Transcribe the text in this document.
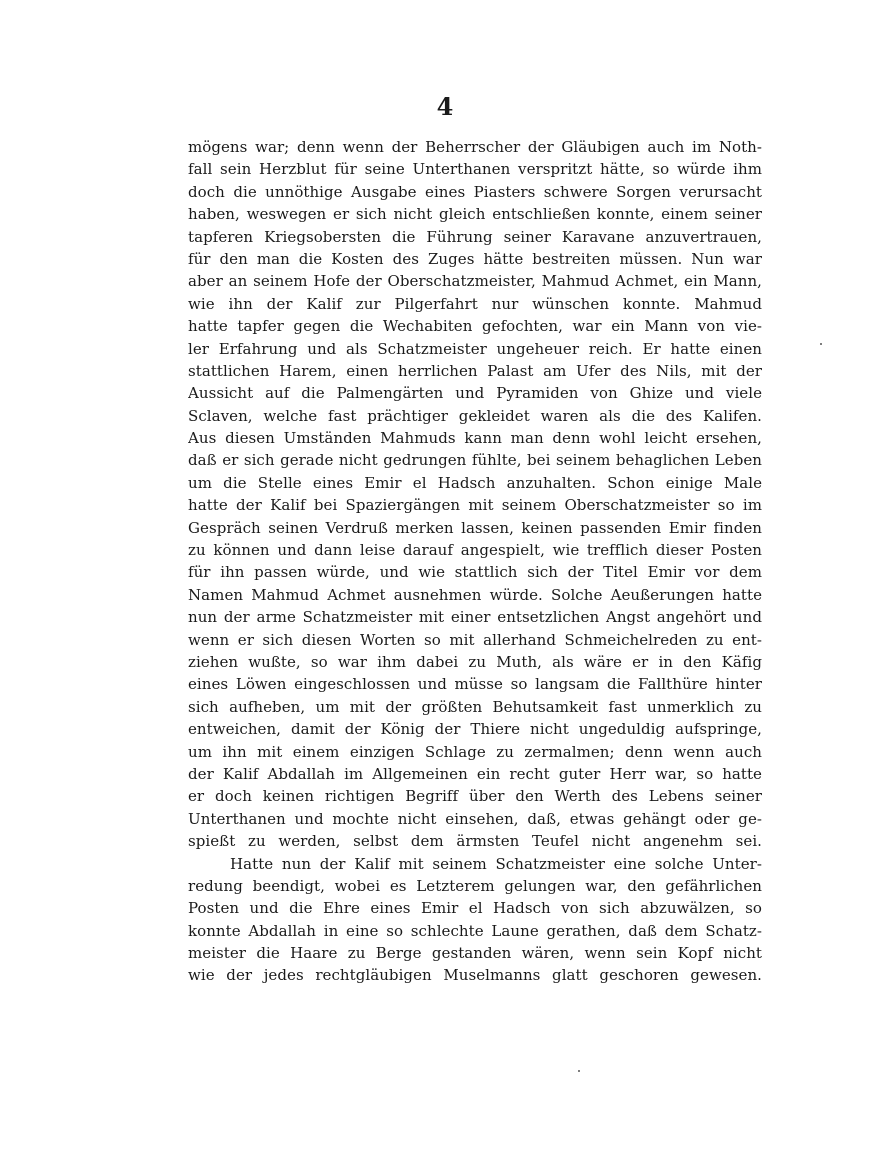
4
mögens war; denn wenn der Beherrscher der Gläubigen auch im Noth-
fall sein Herzblut für seine Unterthanen verspritzt hätte, so würde ihm
doch die unnöthige Ausgabe eines Piasters schwere Sorgen verursacht
haben, weswegen er sich nicht gleich entschließen konnte, einem seiner
tapferen Kriegsobersten die Führung seiner Karavane anzuvertrauen,
für den man die Kosten des Zuges hätte bestreiten müssen. Nun war
aber an seinem Hofe der Oberschatzmeister, Mahmud Achmet, ein Mann,
wie ihn der Kalif zur Pilgerfahrt nur wünschen konnte. Mahmud
hatte tapfer gegen die Wechabiten gefochten, war ein Mann von vie-
ler Erfahrung und als Schatzmeister ungeheuer reich. Er hatte einen
stattlichen Harem, einen herrlichen Palast am Ufer des Nils, mit der
Aussicht auf die Palmengärten und Pyramiden von Ghize und viele
Sclaven, welche fast prächtiger gekleidet waren als die des Kalifen.
Aus diesen Umständen Mahmuds kann man denn wohl leicht ersehen,
daß er sich gerade nicht gedrungen fühlte, bei seinem behaglichen Leben
um die Stelle eines Emir el Hadsch anzuhalten. Schon einige Male
hatte der Kalif bei Spaziergängen mit seinem Oberschatzmeister so im
Gespräch seinen Verdruß merken lassen, keinen passenden Emir finden
zu können und dann leise darauf angespielt, wie trefflich dieser Posten
für ihn passen würde, und wie stattlich sich der Titel Emir vor dem
Namen Mahmud Achmet ausnehmen würde. Solche Aeußerungen hatte
nun der arme Schatzmeister mit einer entsetzlichen Angst angehört und
wenn er sich diesen Worten so mit allerhand Schmeichelreden zu ent-
ziehen wußte, so war ihm dabei zu Muth, als wäre er in den Käfig
eines Löwen eingeschlossen und müsse so langsam die Fallthüre hinter
sich aufheben, um mit der größten Behutsamkeit fast unmerklich zu
entweichen, damit der König der Thiere nicht ungeduldig aufspringe,
um ihn mit einem einzigen Schlage zu zermalmen; denn wenn auch
der Kalif Abdallah im Allgemeinen ein recht guter Herr war, so hatte
er doch keinen richtigen Begriff über den Werth des Lebens seiner
Unterthanen und mochte nicht einsehen, daß, etwas gehängt oder ge-
spießt zu werden, selbst dem ärmsten Teufel nicht angenehm sei.
Hatte nun der Kalif mit seinem Schatzmeister eine solche Unter-
redung beendigt, wobei es Letzterem gelungen war, den gefährlichen
Posten und die Ehre eines Emir el Hadsch von sich abzuwälzen, so
konnte Abdallah in eine so schlechte Laune gerathen, daß dem Schatz-
meister die Haare zu Berge gestanden wären, wenn sein Kopf nicht
wie der jedes rechtgläubigen Muselmanns glatt geschoren gewesen.
